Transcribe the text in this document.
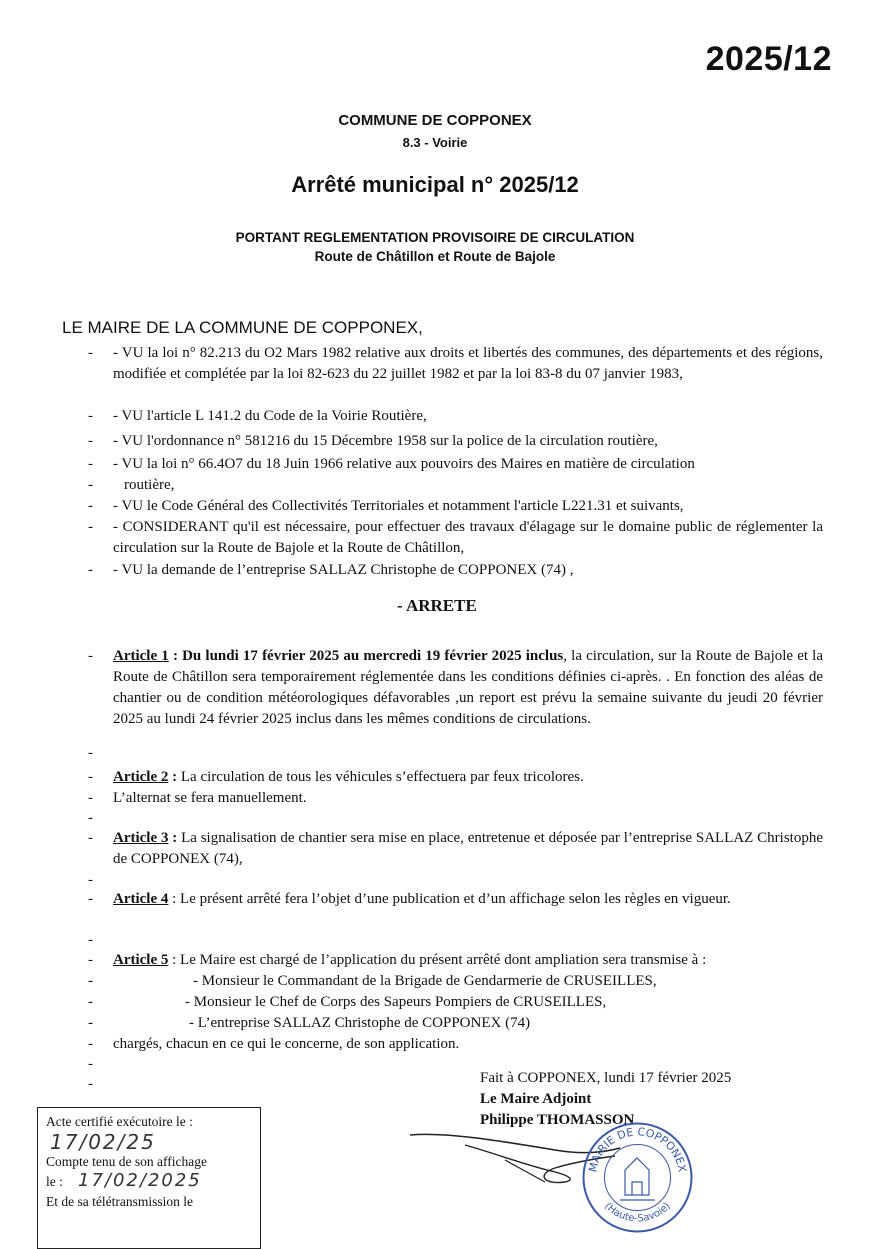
2025/12
COMMUNE DE COPPONEX
8.3 - Voirie
Arrêté municipal n° 2025/12
PORTANT REGLEMENTATION PROVISOIRE DE CIRCULATION
Route de Châtillon et Route de Bajole
LE MAIRE DE LA COMMUNE DE COPPONEX,
- - VU la loi n° 82.213 du O2 Mars 1982 relative aux droits et libertés des communes, des départements et des régions, modifiée et complétée par la loi 82-623 du 22 juillet 1982 et par la loi 83-8 du 07 janvier 1983,
- - VU l'article L 141.2 du Code de la Voirie Routière,
- - VU l'ordonnance n° 581216 du 15 Décembre 1958 sur la police de la circulation routière,
- - VU la loi n° 66.4O7 du 18 Juin 1966 relative aux pouvoirs des Maires en matière de circulation
- routière,
- - VU le Code Général des Collectivités Territoriales et notamment l'article L221.31 et suivants,
- - CONSIDERANT qu'il est nécessaire, pour effectuer des travaux d'élagage sur le domaine public de réglementer la circulation sur la Route de Bajole et la Route de Châtillon,
- - VU la demande de l’entreprise SALLAZ Christophe de COPPONEX (74) ,
- ARRETE
- Article 1 : Du lundi 17 février 2025 au mercredi 19 février 2025 inclus, la circulation, sur la Route de Bajole et la Route de Châtillon sera temporairement réglementée dans les conditions définies ci-après. . En fonction des aléas de chantier ou de condition météorologiques défavorables ,un report est prévu la semaine suivante du jeudi 20 février 2025 au lundi 24 février 2025 inclus dans les mêmes conditions de circulations.
-
- Article 2 : La circulation de tous les véhicules s’effectuera par feux tricolores.
- L’alternat se fera manuellement.
-
- Article 3 : La signalisation de chantier sera mise en place, entretenue et déposée par l’entreprise SALLAZ Christophe de COPPONEX (74),
-
- Article 4 : Le présent arrêté fera l’objet d’une publication et d’un affichage selon les règles en vigueur.
-
- Article 5 : Le Maire est chargé de l’application du présent arrêté dont ampliation sera transmise à :
-	- Monsieur le Commandant de la Brigade de Gendarmerie de CRUSEILLES,
-	- Monsieur le Chef de Corps des Sapeurs Pompiers de CRUSEILLES,
-	- L’entreprise SALLAZ Christophe de COPPONEX (74)
- chargés, chacun en ce qui le concerne, de son application.
-
-	Fait à COPPONEX, lundi 17 février 2025
Le Maire Adjoint
Philippe THOMASSON
MAIRIE DE COPPONEX
(Haute-Savoie)
Acte certifié exécutoire le :
17/02/25
Compte tenu de son affichage
le : 17/02/2025
Et de sa télétransmission le
